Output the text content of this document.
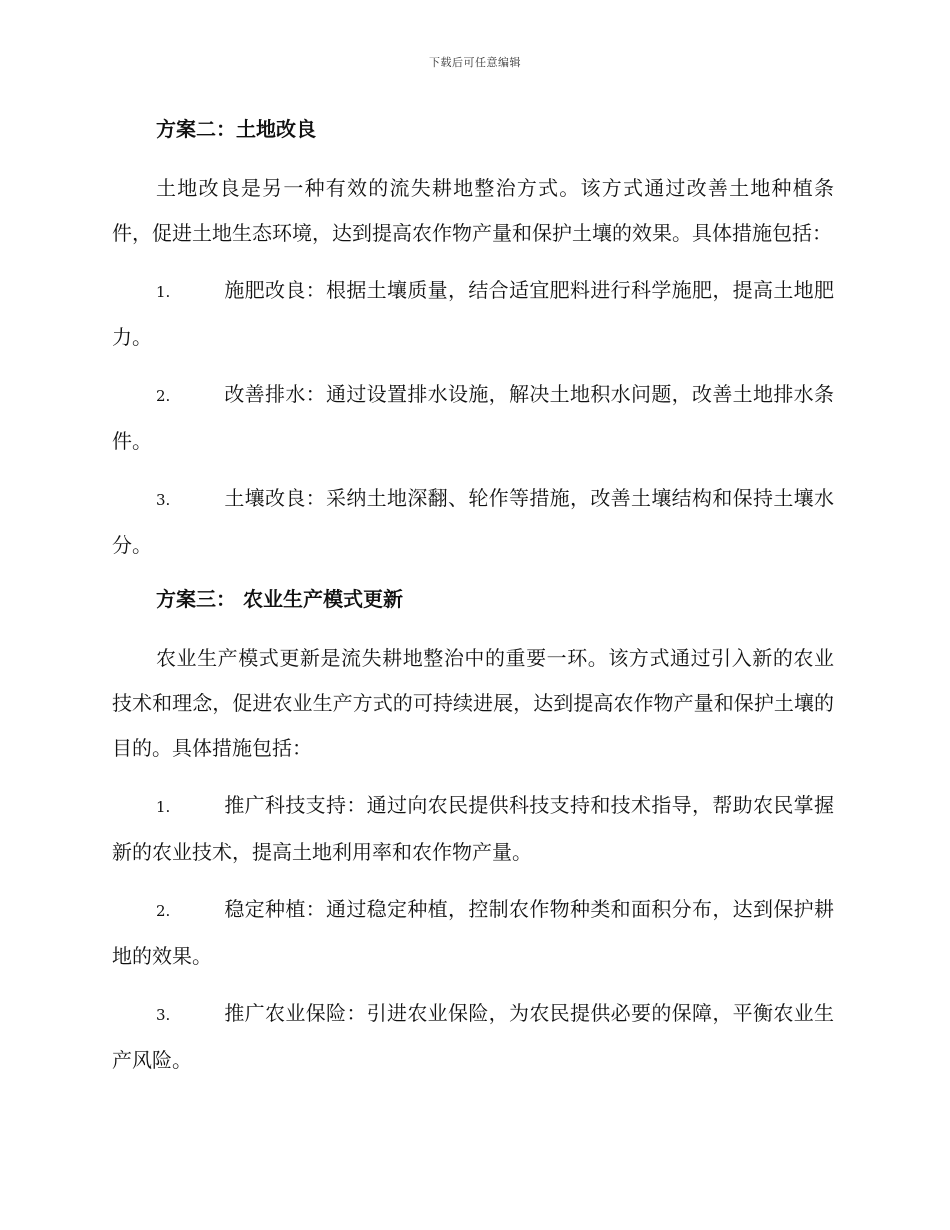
下载后可任意编辑
方案二：土地改良
土地改良是另一种有效的流失耕地整治方式。该方式通过改善土地种植条件，促进土地生态环境，达到提高农作物产量和保护土壤的效果。具体措施包括：
1.	施肥改良：根据土壤质量，结合适宜肥料进行科学施肥，提高土地肥力。
2.	改善排水：通过设置排水设施，解决土地积水问题，改善土地排水条件。
3.	土壤改良：采纳土地深翻、轮作等措施，改善土壤结构和保持土壤水分。
方案三： 农业生产模式更新
农业生产模式更新是流失耕地整治中的重要一环。该方式通过引入新的农业技术和理念，促进农业生产方式的可持续进展，达到提高农作物产量和保护土壤的目的。具体措施包括：
1.	推广科技支持：通过向农民提供科技支持和技术指导，帮助农民掌握新的农业技术，提高土地利用率和农作物产量。
2.	稳定种植：通过稳定种植，控制农作物种类和面积分布，达到保护耕地的效果。
3.	推广农业保险：引进农业保险，为农民提供必要的保障，平衡农业生产风险。
